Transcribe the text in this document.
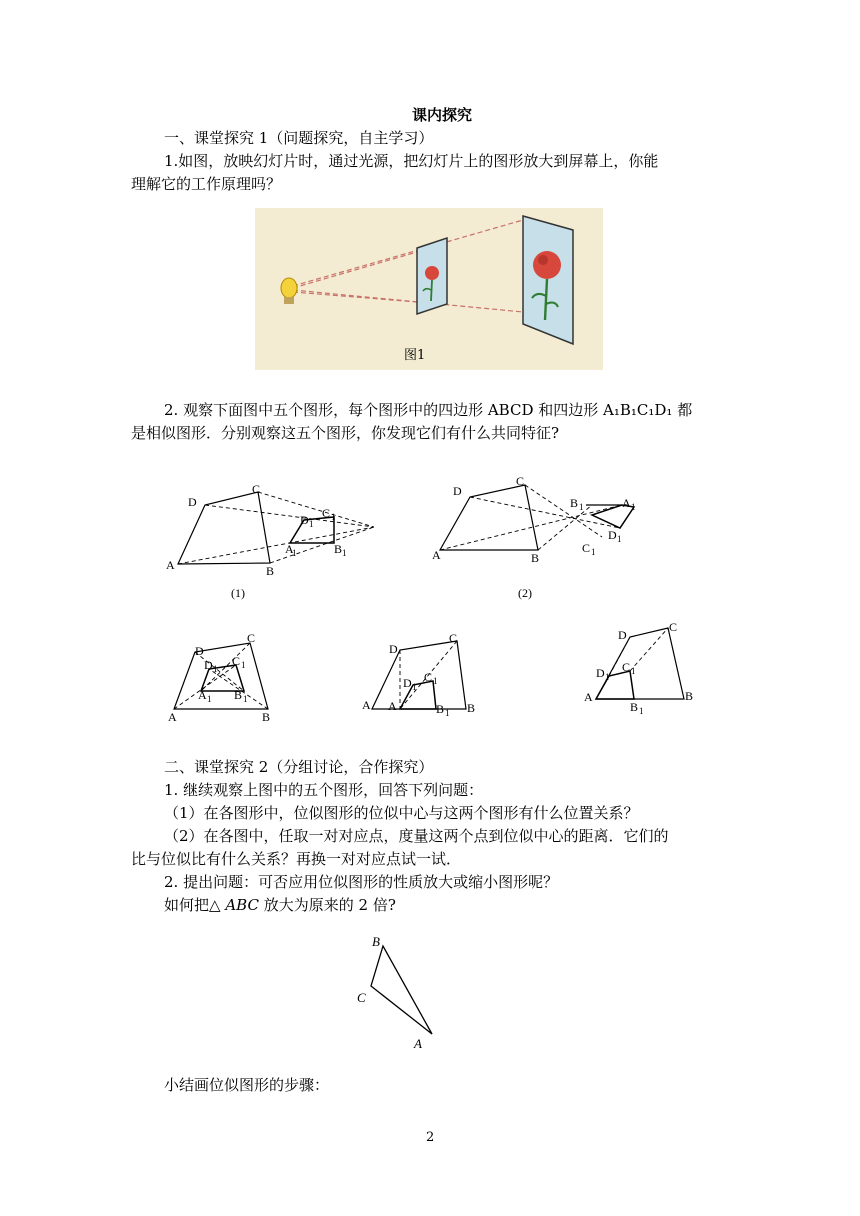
课内探究
一、课堂探究 1（问题探究，自主学习）
1.如图，放映幻灯片时，通过光源，把幻灯片上的图形放大到屏幕上，你能
理解它的工作原理吗？
图1
2. 观察下面图中五个图形，每个图形中的四边形 ABCD 和四边形 A₁B₁C₁D₁ 都
是相似图形．分别观察这五个图形，你发现它们有什么共同特征?
A	B
C
D
A
1	B 1
C 1
D 1
A	B
C
D
B 1	A 1
C 1
D 1
(1)	(2)
A	B
C
D
A 1 B 1
C 1
D 1
A	B
C
D
A	B 1
C 1
D 1
A	B
C
D
B 1
C 1
D 1
二、课堂探究 2（分组讨论，合作探究）
1. 继续观察上图中的五个图形，回答下列问题：
（1）在各图形中，位似图形的位似中心与这两个图形有什么位置关系？
（2）在各图中，任取一对对应点，度量这两个点到位似中心的距离．它们的
比与位似比有什么关系？再换一对对应点试一试．
2. 提出问题：可否应用位似图形的性质放大或缩小图形呢？
如何把△ ABC 放大为原来的 2 倍?
B
C
A
小结画位似图形的步骤：
2
